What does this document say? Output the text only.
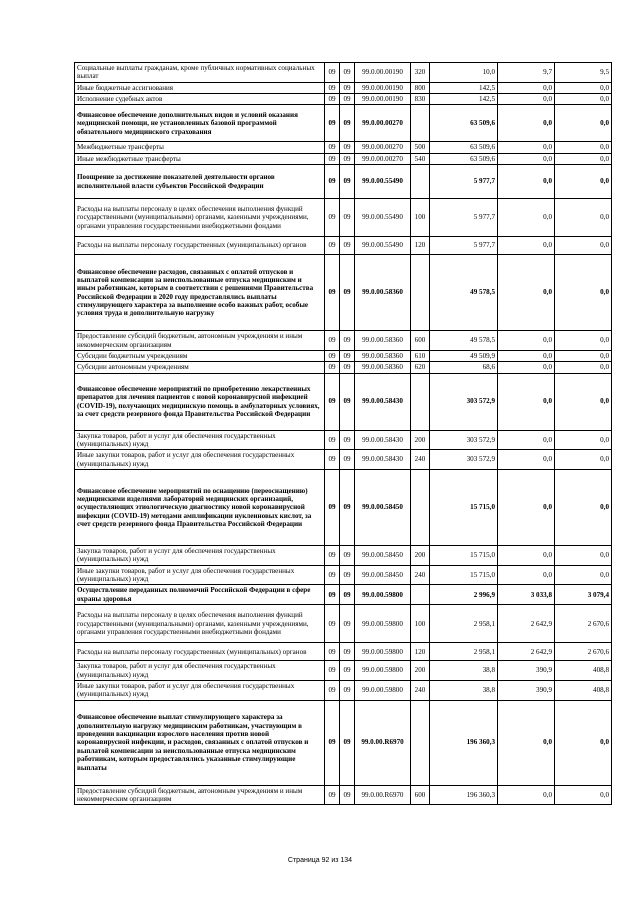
Социальные выплаты гражданам, кроме публичных нормативных социальных выплат	09	09	99.0.00.00190	320	10,0	9,7	9,5
Иные бюджетные ассигнования	09	09	99.0.00.00190	800	142,5	0,0	0,0
Исполнение судебных актов	09	09	99.0.00.00190	830	142,5	0,0	0,0
Финансовое обеспечение дополнительных видов и условий оказания медицинской помощи, не установленных базовой программой обязательного медицинского страхования	09	09	99.0.00.00270		63 509,6	0,0	0,0
Межбюджетные трансферты	09	09	99.0.00.00270	500	63 509,6	0,0	0,0
Иные межбюджетные трансферты	09	09	99.0.00.00270	540	63 509,6	0,0	0,0
Поощрение за достижение показателей деятельности органов исполнительной власти субъектов Российской Федерации	09	09	99.0.00.55490		5 977,7	0,0	0,0
Расходы на выплаты персоналу в целях обеспечения выполнения функций государственными (муниципальными) органами, казенными учреждениями, органами управления государственными внебюджетными фондами	09	09	99.0.00.55490	100	5 977,7	0,0	0,0
Расходы на выплаты персоналу государственных (муниципальных) органов	09	09	99.0.00.55490	120	5 977,7	0,0	0,0
Финансовое обеспечение расходов, связанных с оплатой отпусков и выплатой компенсации за неиспользованные отпуска медицинским и иным работникам, которым в соответствии с решениями Правительства Российской Федерации в 2020 году предоставлялись выплаты стимулирующего характера за выполнение особо важных работ, особые условия труда и дополнительную нагрузку	09	09	99.0.00.58360		49 578,5	0,0	0,0
Предоставление субсидий бюджетным, автономным учреждениям и иным некоммерческим организациям	09	09	99.0.00.58360	600	49 578,5	0,0	0,0
Субсидии бюджетным учреждениям	09	09	99.0.00.58360	610	49 509,9	0,0	0,0
Субсидии автономным учреждениям	09	09	99.0.00.58360	620	68,6	0,0	0,0
Финансовое обеспечение мероприятий по приобретению лекарственных препаратов для лечения пациентов с новой коронавирусной инфекцией (COVID-19), получающих медицинскую помощь в амбулаторных условиях, за счет средств резервного фонда Правительства Российской Федерации	09	09	99.0.00.58430		303 572,9	0,0	0,0
Закупка товаров, работ и услуг для обеспечения государственных (муниципальных) нужд	09	09	99.0.00.58430	200	303 572,9	0,0	0,0
Иные закупки товаров, работ и услуг для обеспечения государственных (муниципальных) нужд	09	09	99.0.00.58430	240	303 572,9	0,0	0,0
Финансовое обеспечение мероприятий по оснащению (переоснащению) медицинскими изделиями лабораторий медицинских организаций, осуществляющих этиологическую диагностику новой коронавирусной инфекции (COVID-19) методами амплификации нуклеиновых кислот, за счет средств резервного фонда Правительства Российской Федерации	09	09	99.0.00.58450		15 715,0	0,0	0,0
Закупка товаров, работ и услуг для обеспечения государственных (муниципальных) нужд	09	09	99.0.00.58450	200	15 715,0	0,0	0,0
Иные закупки товаров, работ и услуг для обеспечения государственных (муниципальных) нужд	09	09	99.0.00.58450	240	15 715,0	0,0	0,0
Осуществление переданных полномочий Российской Федерации в сфере охраны здоровья	09	09	99.0.00.59800		2 996,9	3 033,8	3 079,4
Расходы на выплаты персоналу в целях обеспечения выполнения функций государственными (муниципальными) органами, казенными учреждениями, органами управления государственными внебюджетными фондами	09	09	99.0.00.59800	100	2 958,1	2 642,9	2 670,6
Расходы на выплаты персоналу государственных (муниципальных) органов	09	09	99.0.00.59800	120	2 958,1	2 642,9	2 670,6
Закупка товаров, работ и услуг для обеспечения государственных (муниципальных) нужд	09	09	99.0.00.59800	200	38,8	390,9	408,8
Иные закупки товаров, работ и услуг для обеспечения государственных (муниципальных) нужд	09	09	99.0.00.59800	240	38,8	390,9	408,8
Финансовое обеспечение выплат стимулирующего характера за дополнительную нагрузку медицинским работникам, участвующим в проведении вакцинации взрослого населения против новой коронавирусной инфекции, и расходов, связанных с оплатой отпусков и выплатой компенсации за неиспользованные отпуска медицинским работникам, которым предоставлялись указанные стимулирующие выплаты	09	09	99.0.00.R6970		196 360,3	0,0	0,0
Предоставление субсидий бюджетным, автономным учреждениям и иным некоммерческим организациям	09	09	99.0.00.R6970	600	196 360,3	0,0	0,0
Страница 92 из 134
